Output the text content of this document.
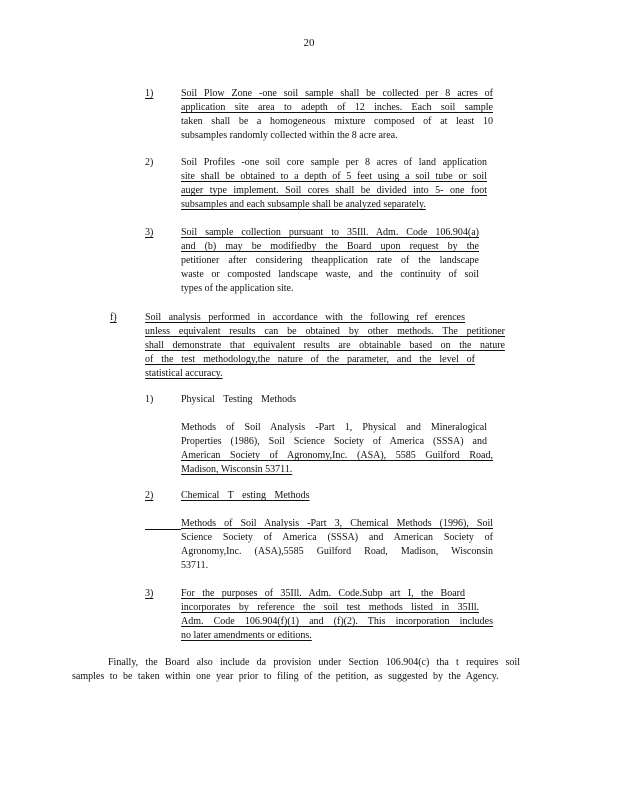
20
1)	Soil Plow Zone -one soil sample shall be collected per 8 acres of
application site area to adepth of 12 inches. Each soil sample
taken shall be a homogeneous mixture composed of at least 10
subsamples randomly collected within the 8 acre area.
2)	Soil Profiles -one soil core sample per 8 acres of land application
site shall be obtained to a depth of 5 feet using a soil tube or soil
auger type implement. Soil cores shall be divided into 5- one foot
subsamples and each subsample shall be analyzed separately.
3)	Soil sample collection pursuant to 35Ill. Adm. Code 106.904(a)
and (b) may be modifiedby the Board upon request by the
petitioner after considering theapplication rate of the landscape
waste or composted landscape waste, and the continuity of soil
types of the application site.
f)	Soil analysis performed in accordance with the following ref erences
unless equivalent results can be obtained by other methods. The petitioner
shall demonstrate that equivalent results are obtainable based on the nature
of the test methodology,the nature of the parameter, and the level of
statistical accuracy.
1)	Physical Testing Methods
Methods of Soil Analysis -Part 1, Physical and Mineralogical
Properties (1986), Soil Science Society of America (SSSA) and
American Society of Agronomy,Inc. (ASA), 5585 Guilford Road,
Madison, Wisconsin 53711.
2)	Chemical T esting Methods
Methods of Soil Analysis -Part 3, Chemical Methods (1996), Soil
Science Society of America (SSSA) and American Society of
Agronomy,Inc. (ASA),5585 Guilford Road, Madison, Wisconsin
53711.
3)	For the purposes of 35Ill. Adm. Code.Subp art I, the Board
incorporates by reference the soil test methods listed in 35Ill.
Adm. Code 106.904(f)(1) and (f)(2). This incorporation includes
no later amendments or editions.
Finally, the Board also include da provision under Section 106.904(c) tha t requires soil
samples to be taken within one year prior to filing of the petition, as suggested by the Agency.
